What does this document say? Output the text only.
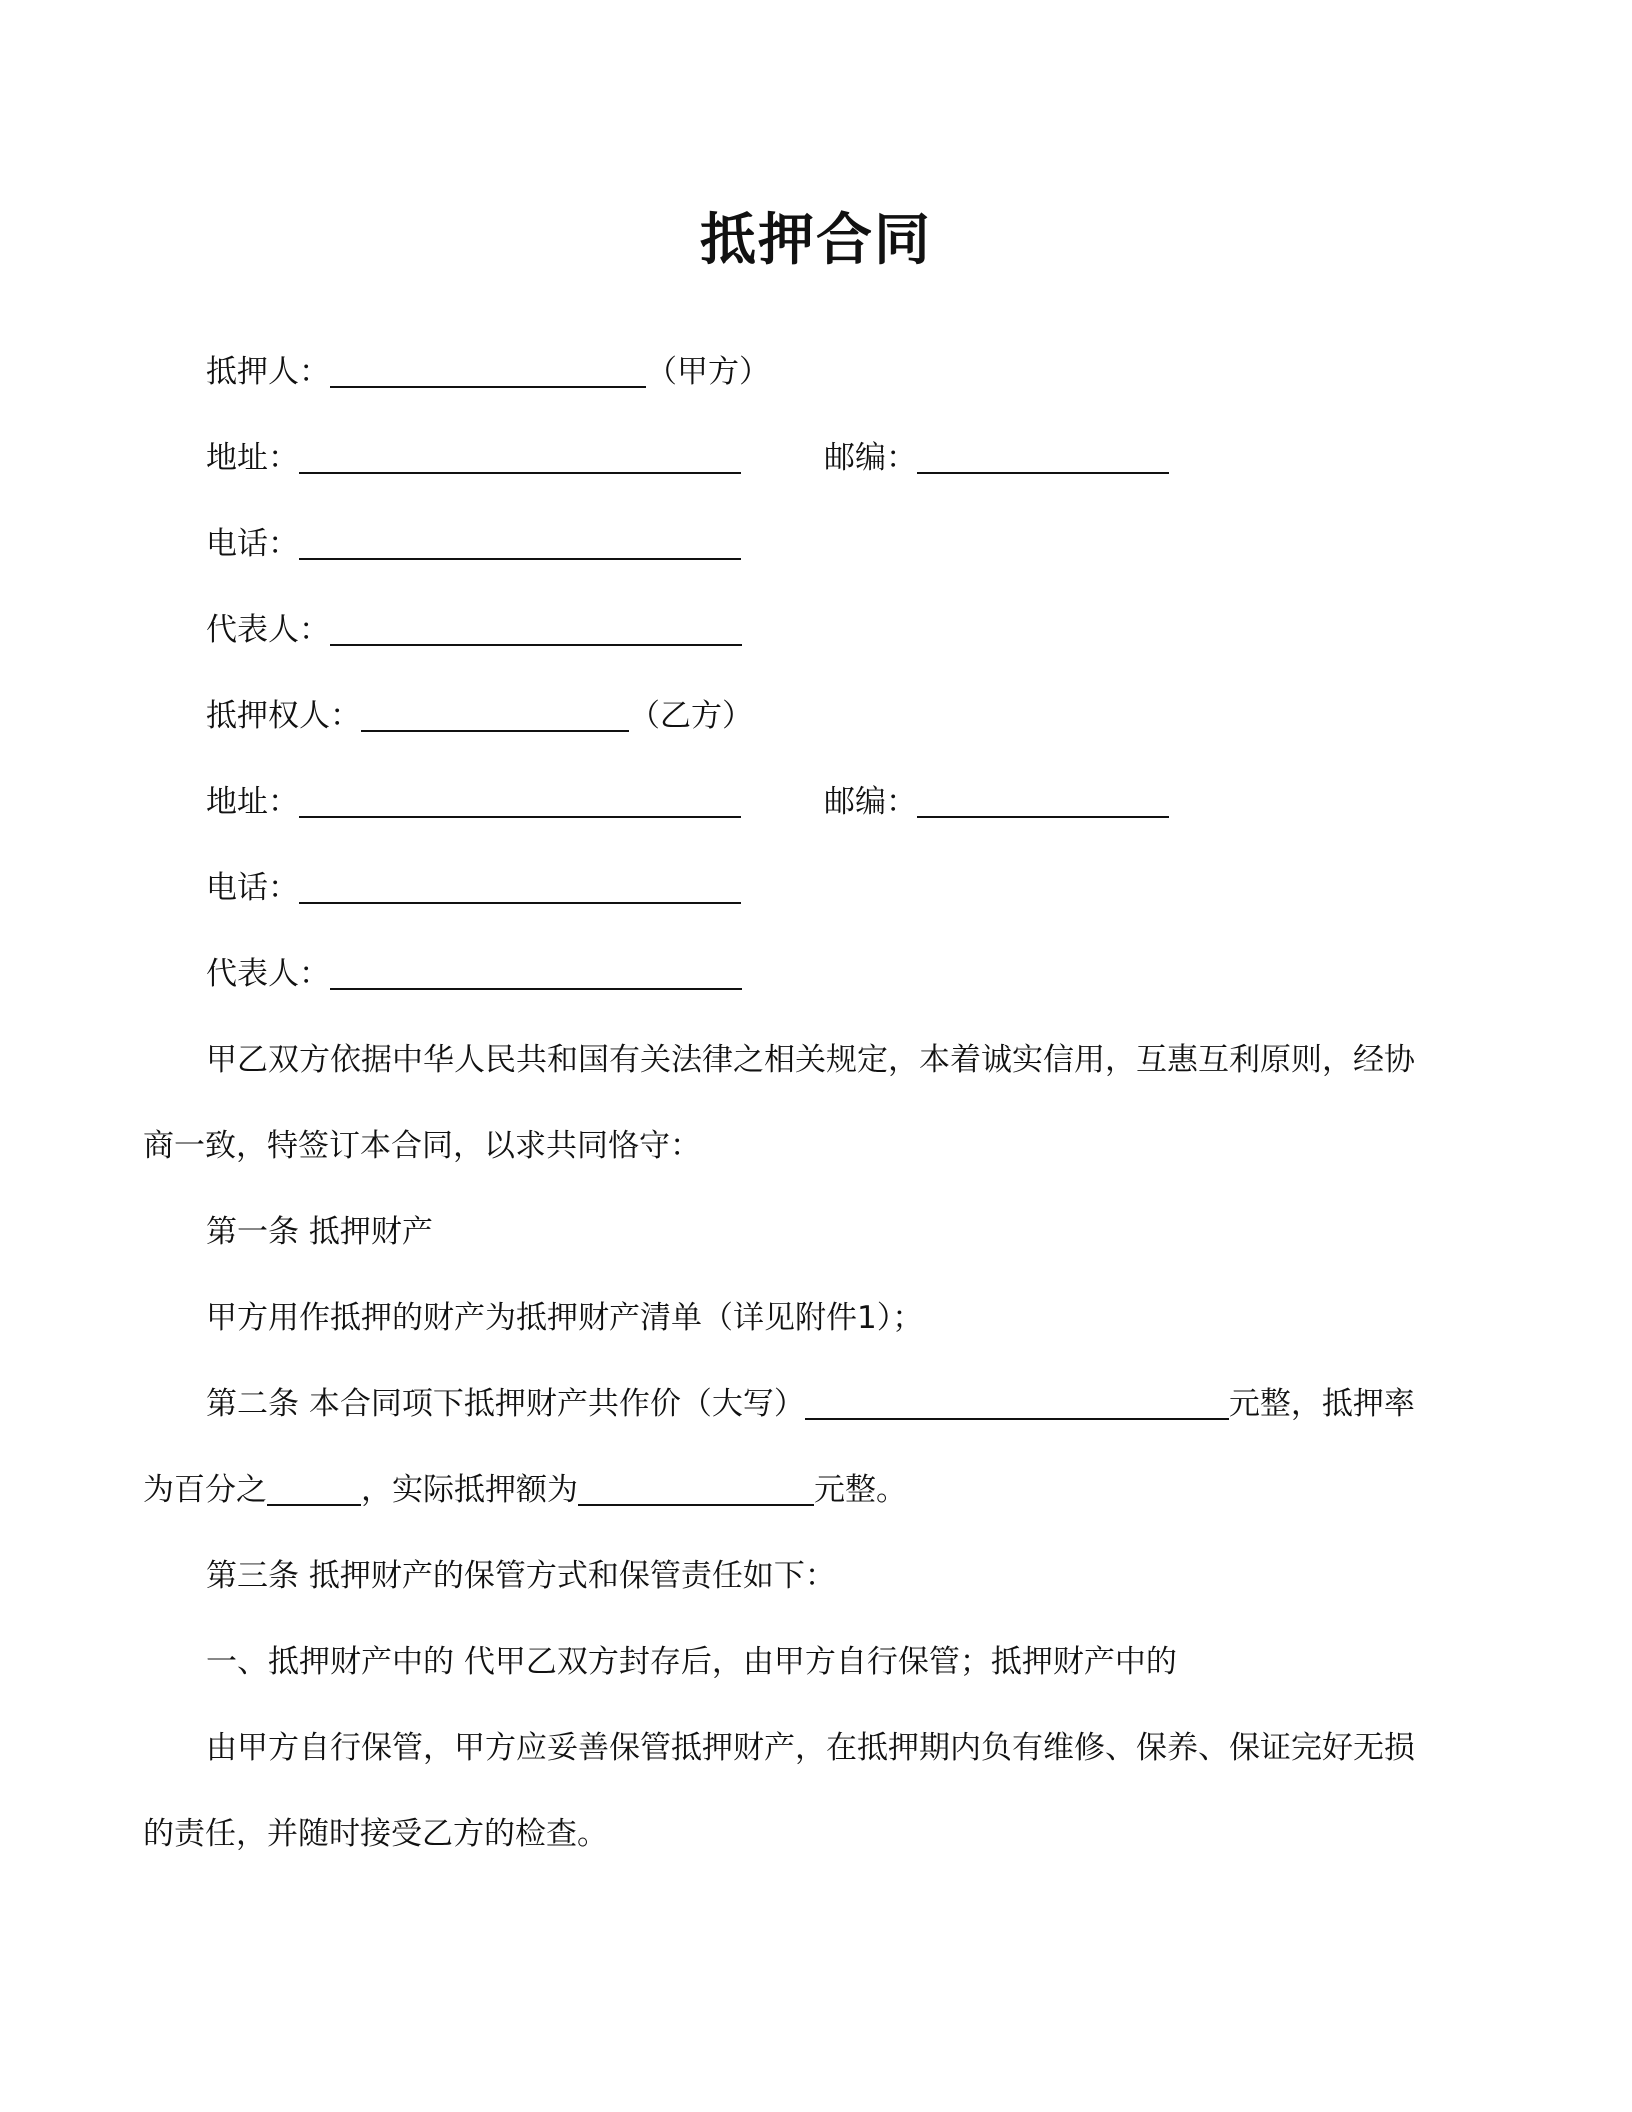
抵押合同
抵押人：	（甲方）
地址：	邮编：
电话：
代表人：
抵押权人：	（乙方）
地址：	邮编：
电话：
代表人：
甲乙双方依据中华人民共和国有关法律之相关规定，本着诚实信用，互惠互利原则，经协
商一致，特签订本合同，以求共同恪守：
第一条 抵押财产
甲方用作抵押的财产为抵押财产清单（详见附件1）；
第二条 本合同项下抵押财产共作价（大写）	元整，抵押率
为百分之	，实际抵押额为	元整。
第三条 抵押财产的保管方式和保管责任如下：
一、抵押财产中的 代甲乙双方封存后，由甲方自行保管；抵押财产中的
由甲方自行保管，甲方应妥善保管抵押财产，在抵押期内负有维修、保养、保证完好无损
的责任，并随时接受乙方的检查。
